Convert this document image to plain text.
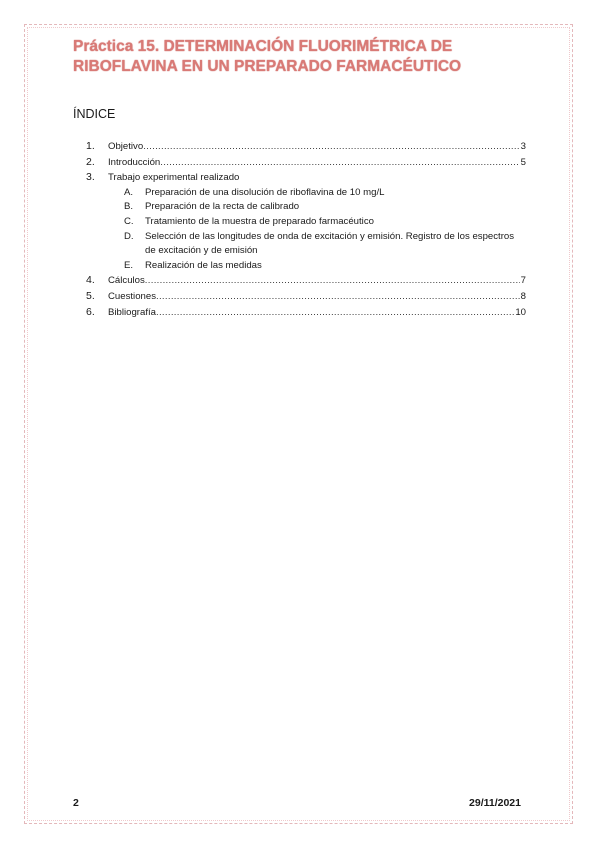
Práctica 15. DETERMINACIÓN FLUORIMÉTRICA DE
RIBOFLAVINA EN UN PREPARADO FARMACÉUTICO
ÍNDICE
1.	Objetivo .....	3
2.	Introducción .....	5
3.	Trabajo experimental realizado
A.	Preparación de una disolución de riboflavina de 10 mg/L
B.	Preparación de la recta de calibrado
C.	Tratamiento de la muestra de preparado farmacéutico
D.	Selección de las longitudes de onda de excitación y emisión. Registro de los espectros de excitación y de emisión
E.	Realización de las medidas
4.	Cálculos .....	7
5.	Cuestiones .....	8
6.	Bibliografía .....	10
2	29/11/2021
